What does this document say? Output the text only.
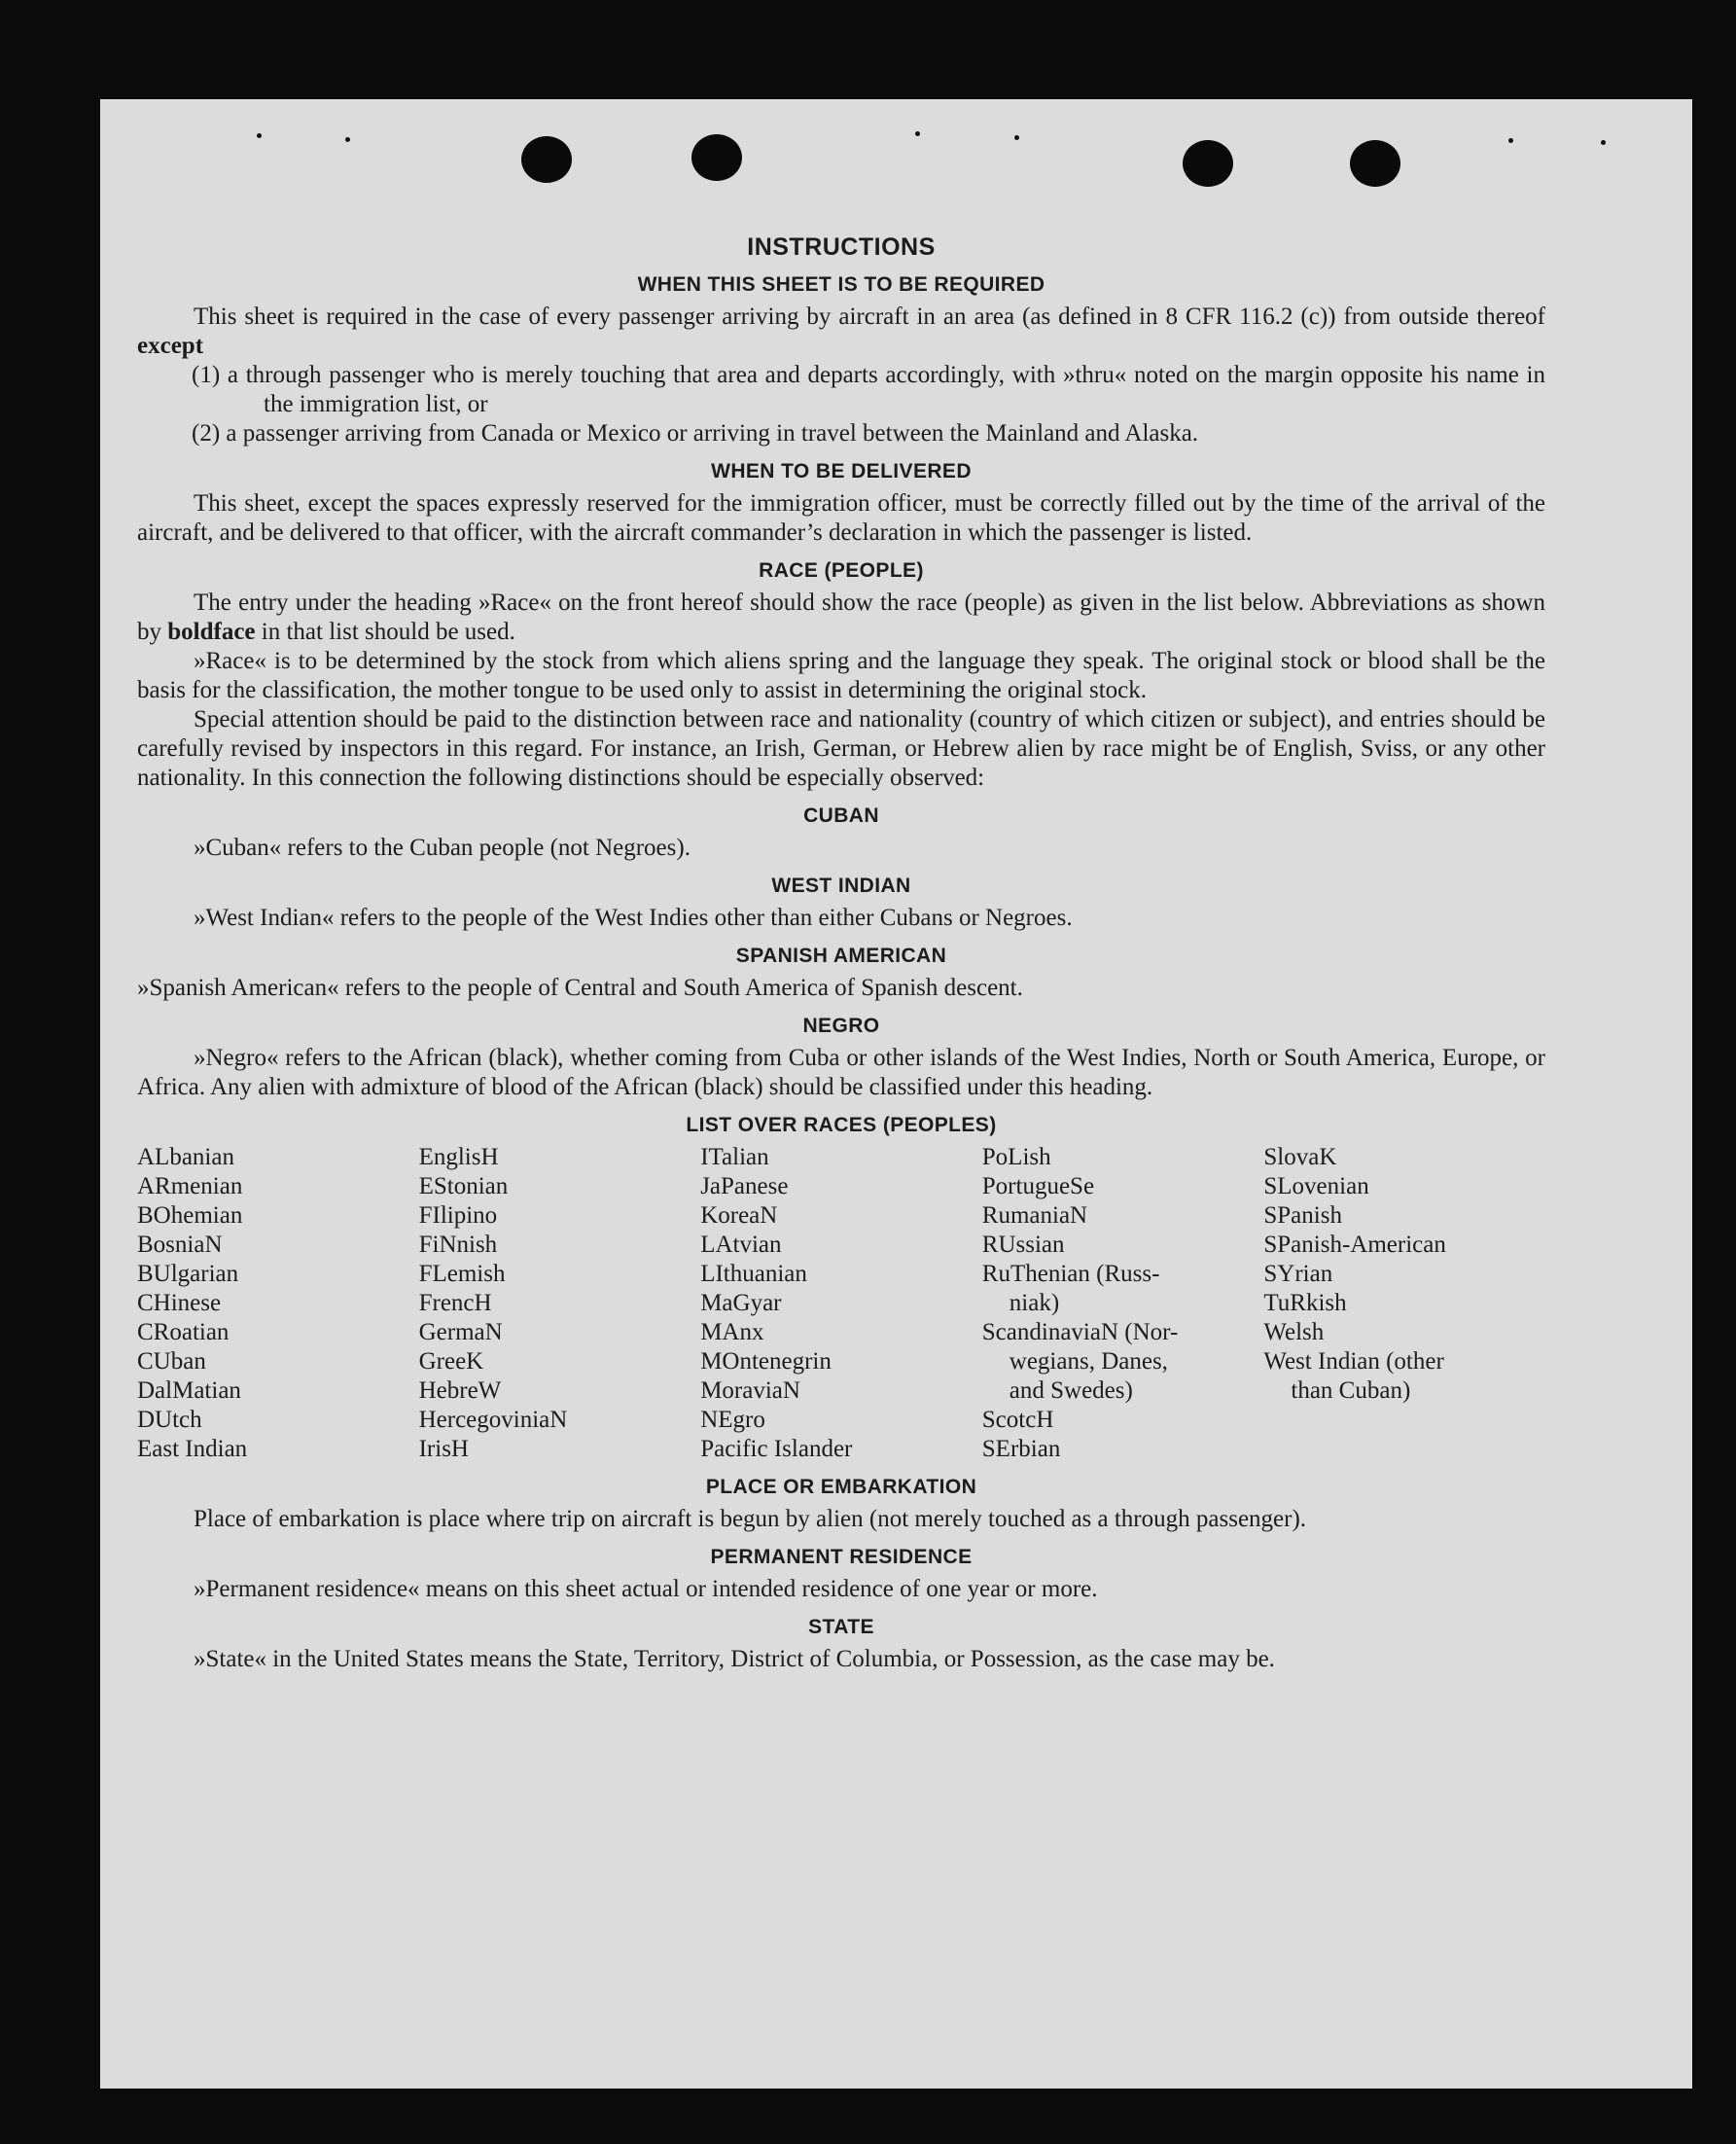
INSTRUCTIONS
WHEN THIS SHEET IS TO BE REQUIRED

This sheet is required in the case of every passenger arriving by aircraft in an area (as defined in 8 CFR 116.2 (c)) from outside thereof except

(1) a through passenger who is merely touching that area and departs accordingly, with »thru« noted on the margin opposite his name in the immigration list, or

(2) a passenger arriving from Canada or Mexico or arriving in travel between the Mainland and Alaska.

WHEN TO BE DELIVERED

This sheet, except the spaces expressly reserved for the immigration officer, must be correctly filled out by the time of the arrival of the aircraft, and be delivered to that officer, with the aircraft commander’s declaration in which the passenger is listed.

RACE (PEOPLE)

The entry under the heading »Race« on the front hereof should show the race (people) as given in the list below. Abbreviations as shown by boldface in that list should be used.

»Race« is to be determined by the stock from which aliens spring and the language they speak. The original stock or blood shall be the basis for the classification, the mother tongue to be used only to assist in determining the original stock.

Special attention should be paid to the distinction between race and nationality (country of which citizen or subject), and entries should be carefully revised by inspectors in this regard. For instance, an Irish, German, or Hebrew alien by race might be of English, Sviss, or any other nationality. In this connection the following distinctions should be especially observed:

CUBAN

»Cuban« refers to the Cuban people (not Negroes).

WEST INDIAN

»West Indian« refers to the people of the West Indies other than either Cubans or Negroes.

SPANISH AMERICAN

»Spanish American« refers to the people of Central and South America of Spanish descent.

NEGRO

»Negro« refers to the African (black), whether coming from Cuba or other islands of the West Indies, North or South America, Europe, or Africa. Any alien with admixture of blood of the African (black) should be classified under this heading.

LIST OVER RACES (PEOPLES)
ALbanian
ARmenian
BOhemian
BosniaN
BUlgarian
CHinese
CRoatian
CUban
DalMatian
DUtch
East Indian
EnglisH
EStonian
FIlipino
FiNnish
FLemish
FrencH
GermaN
GreeK
HebreW
HercegoviniaN
IrisH
ITalian
JaPanese
KoreaN
LAtvian
LIthuanian
MaGyar
MAnx
MOntenegrin
MoraviaN
NEgro
Pacific Islander
PoLish
PortugueSe
RumaniaN
RUssian
RuThenian (Russ-
niak)
ScandinaviaN (Nor-
wegians, Danes,
and Swedes)
ScotcH
SErbian
SlovaK
SLovenian
SPanish
SPanish-American
SYrian
TuRkish
Welsh
West Indian (other
than Cuban)
PLACE OR EMBARKATION

Place of embarkation is place where trip on aircraft is begun by alien (not merely touched as a through passenger).

PERMANENT RESIDENCE

»Permanent residence« means on this sheet actual or intended residence of one year or more.

STATE

»State« in the United States means the State, Territory, District of Columbia, or Possession, as the case may be.
